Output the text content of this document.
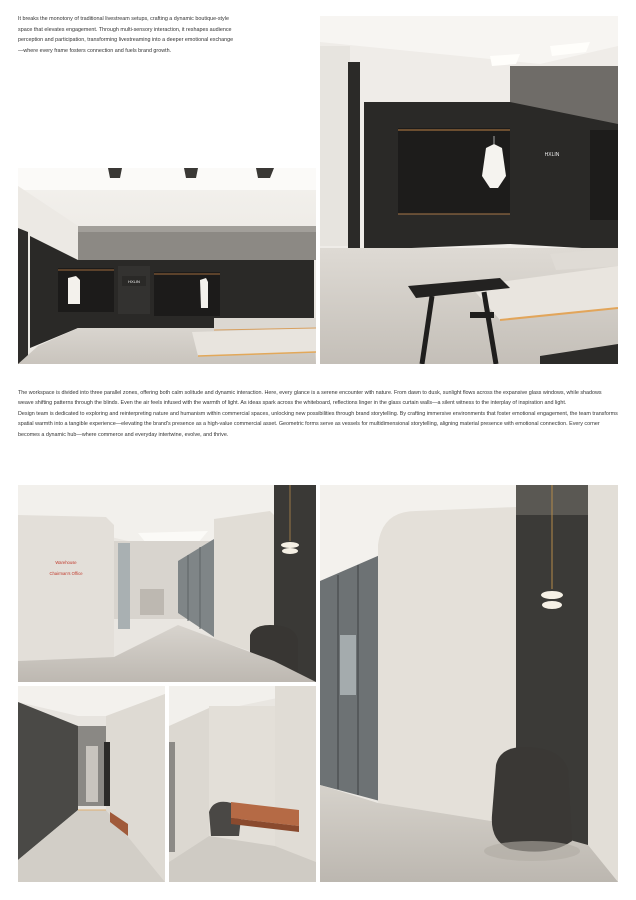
It breaks the monotony of traditional livestream setups, crafting a dynamic boutique-style space that elevates engagement. Through multi-sensory interaction, it reshapes audience perception and participation, transforming livestreaming into a deeper emotional exchange—where every frame fosters connection and fuels brand growth.

HXLIN
HXLIN

The workspace is divided into three parallel zones, offering both calm solitude and dynamic interaction. Here, every glance is a serene encounter with nature. From dawn to dusk, sunlight flows across the expansive glass windows, while shadows weave shifting patterns through the blinds. Even the air feels infused with the warmth of light. As ideas spark across the whiteboard, reflections linger in the glass curtain walls—a silent witness to the interplay of inspiration and light.

Design team is dedicated to exploring and reinterpreting nature and humanism within commercial spaces, unlocking new possibilities through brand storytelling. By crafting immersive environments that foster emotional engagement, the team transforms spatial warmth into a tangible experience—elevating the brand's presence as a high-value commercial asset. Geometric forms serve as vessels for multidimensional storytelling, aligning material presence with emotional connection. Every corner becomes a dynamic hub—where commerce and everyday intertwine, evolve, and thrive.

Warehouse
Chairman's Office
